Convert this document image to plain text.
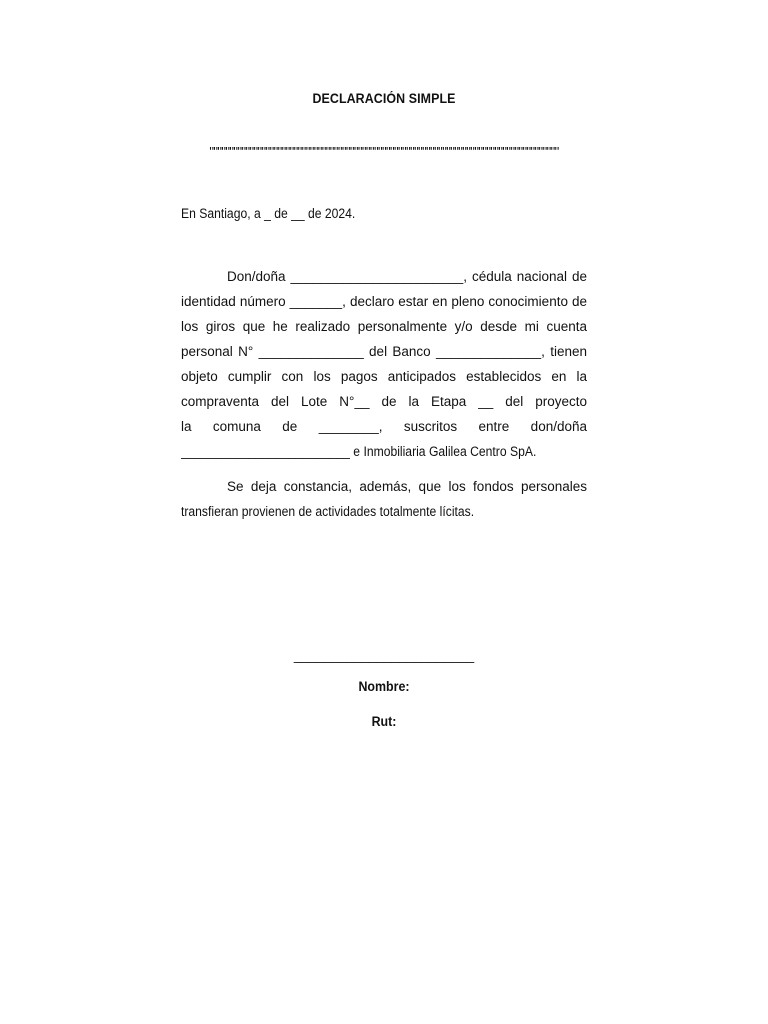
DECLARACIÓN SIMPLE
"""""""""""""""""""""""""""""""""""""""""""""""""""""""""""""""""""""""""""""""""""""""
En Santiago, a _ de __ de 2024.
Don/doña _______________________, cédula nacional de
identidad número _______, declaro estar en pleno conocimiento de
los giros que he realizado personalmente y/o desde mi cuenta
personal N° ______________ del Banco ______________, tienen
objeto cumplir con los pagos anticipados establecidos en la
compraventa del Lote N°__ de la Etapa __ del proyecto
la comuna de ________, suscritos entre don/doña
_________________________ e Inmobiliaria Galilea Centro SpA.
Se deja constancia, además, que los fondos personales
transfieran provienen de actividades totalmente lícitas.
________________________
Nombre:
Rut:
